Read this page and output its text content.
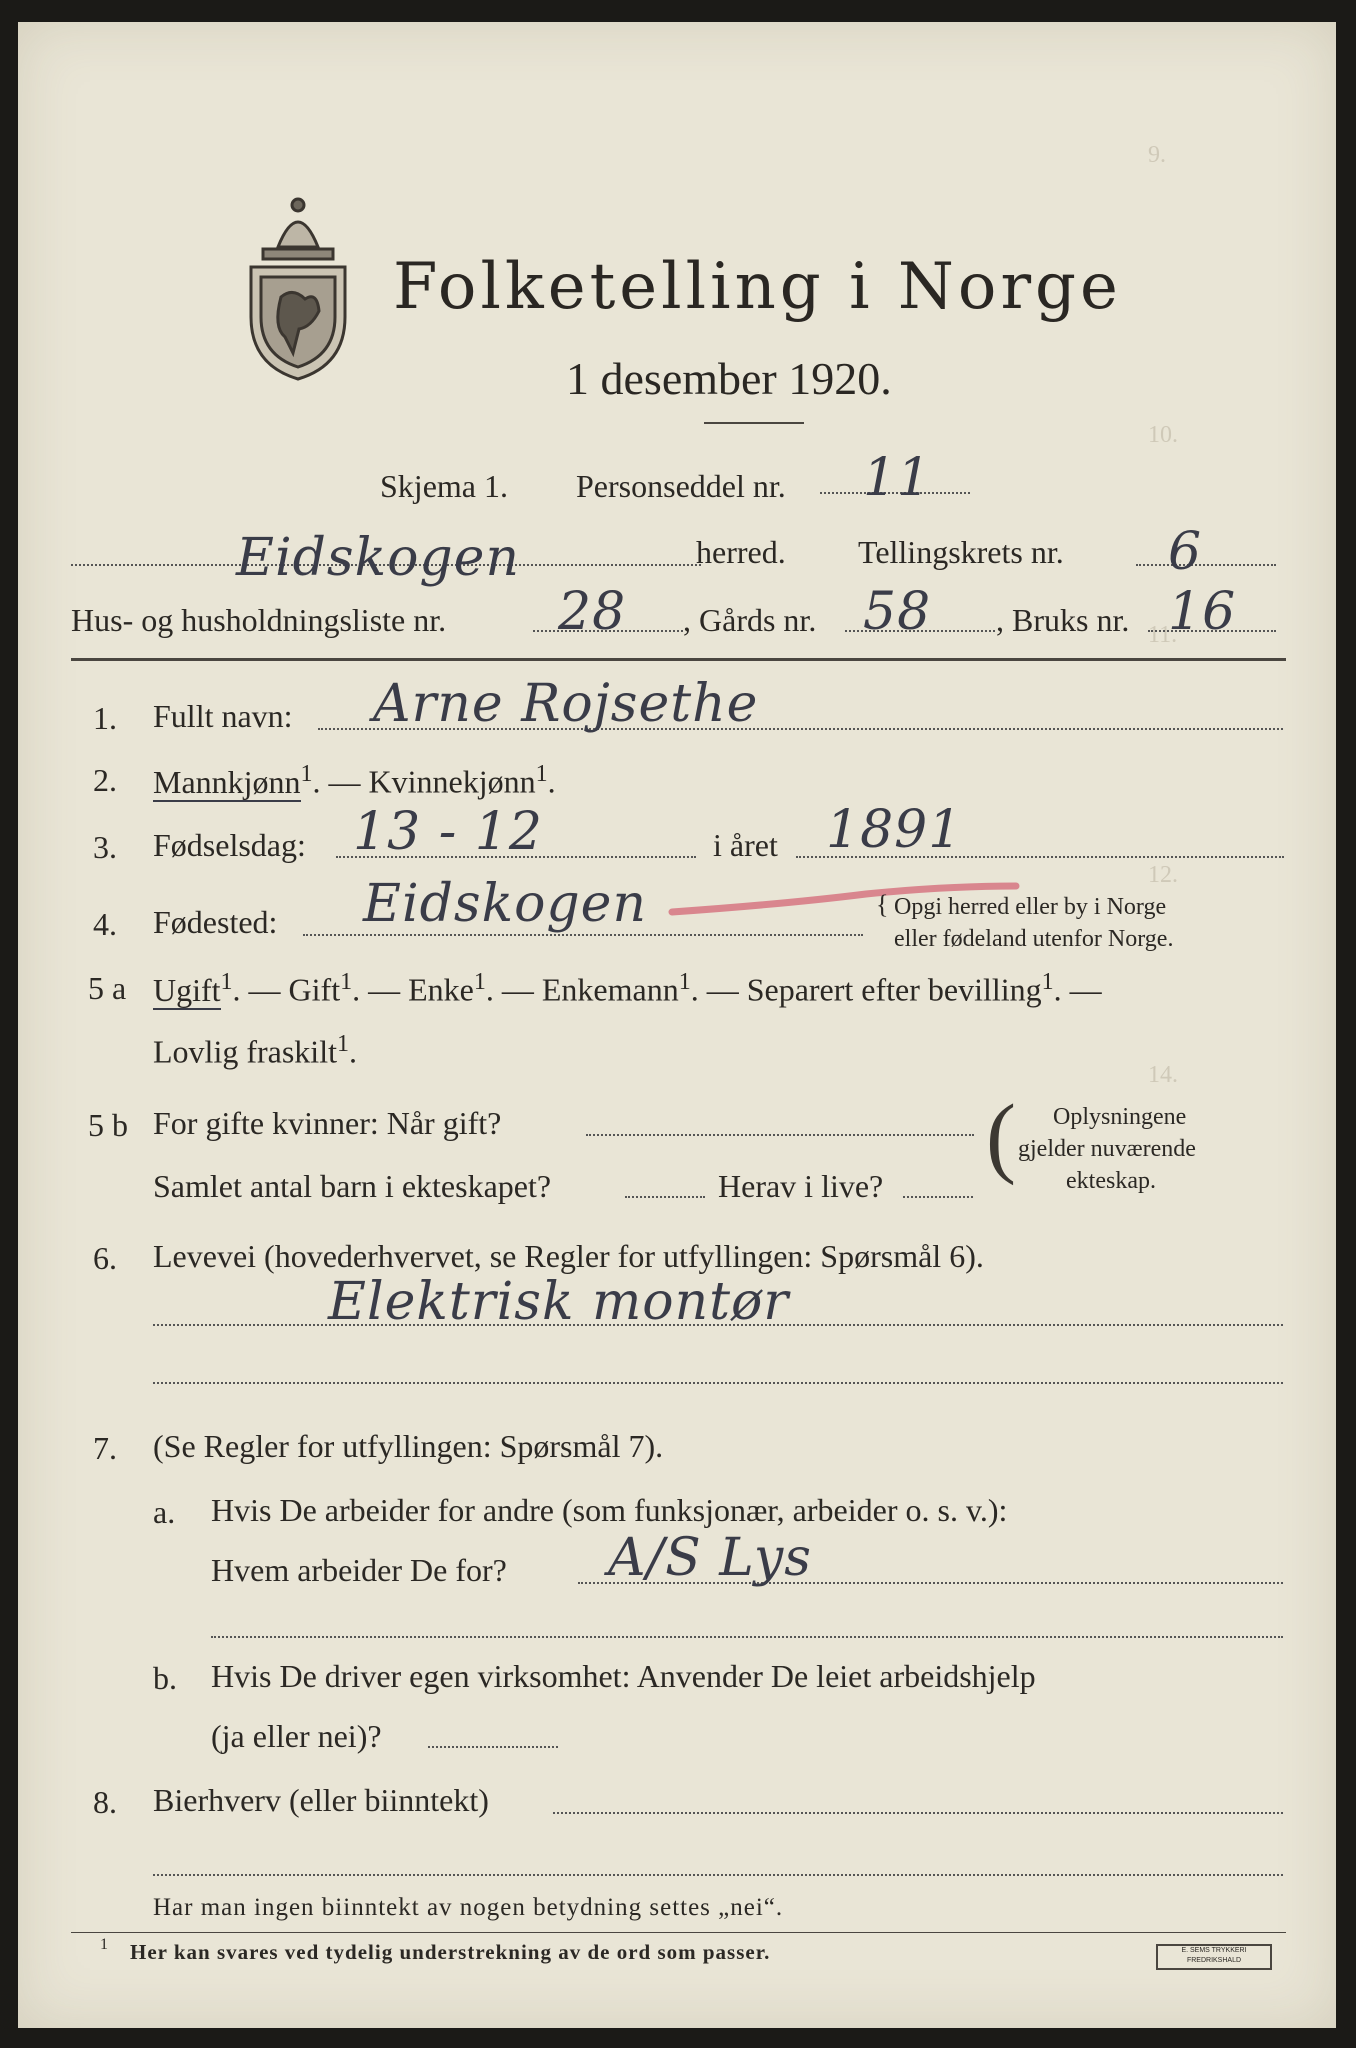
9.
10.
11.
12.
14.
Folketelling i Norge
1 desember 1920.
Skjema 1. Personseddel nr. 11
Eidskogen	herred. Tellingskrets nr. 6
Hus- og husholdningsliste nr. 28 , Gårds nr. 58 , Bruks nr. 16
1. Fullt navn: Arne Rojsethe
2. Mannkjønn$^1$. — Kvinnekjønn$^1$.
3. Fødselsdag: 13 - 12	i året 1891
4. Fødested: Eidskogen	{ Opgi herred eller by i Norge
eller fødeland utenfor Norge.
5 a Ugift$^1$. — Gift$^1$. — Enke$^1$. — Enkemann$^1$. — Separert efter bevilling$^1$. —
Lovlig fraskilt$^1$.
5 b For gifte kvinner: Når gift?
Samlet antal barn i ekteskapet?	Herav i live? ( Oplysningene
gjelder nuværende
ekteskap.
6. Levevei (hovederhvervet, se Regler for utfyllingen: Spørsmål 6).
Elektrisk montør
7. (Se Regler for utfyllingen: Spørsmål 7).
a. Hvis De arbeider for andre (som funksjonær, arbeider o. s. v.):
Hvem arbeider De for? A/S Lys
b. Hvis De driver egen virksomhet: Anvender De leiet arbeidshjelp
(ja eller nei)?
8. Bierhverv (eller biinntekt)
Har man ingen biinntekt av nogen betydning settes „nei“.
1 Her kan svares ved tydelig understrekning av de ord som passer.	E. SEMS TRYKKERI FREDRIKSHALD
